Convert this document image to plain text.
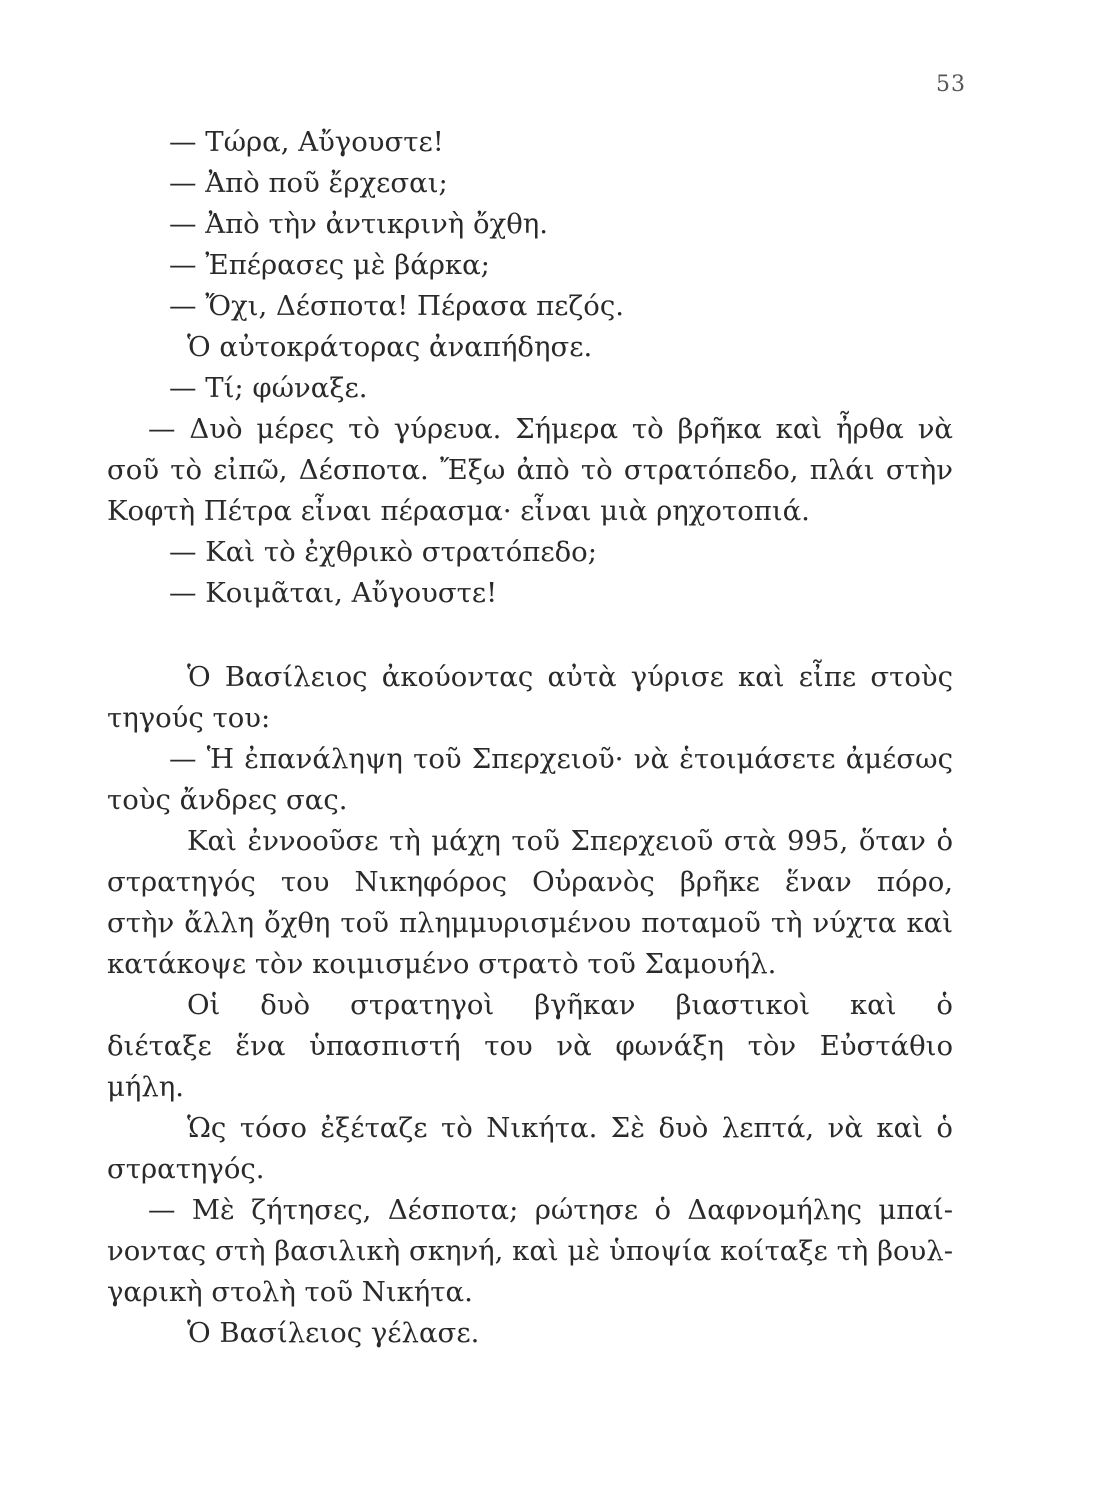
53
— Τώρα, Αὔγουστε!
— Ἀπὸ ποῦ ἔρχεσαι;
— Ἀπὸ τὴν ἀντικρινὴ ὄχθη.
— Ἐπέρασες μὲ βάρκα;
— Ὄχι, Δέσποτα! Πέρασα πεζός.
Ὁ αὐτοκράτορας ἀναπήδησε.
— Τί; φώναξε.
— Δυὸ μέρες τὸ γύρευα. Σήμερα τὸ βρῆκα καὶ ἦρθα νὰ
σοῦ τὸ εἰπῶ, Δέσποτα. Ἔξω ἀπὸ τὸ στρατόπεδο, πλάι στὴν
Κοφτὴ Πέτρα εἶναι πέρασμα· εἶναι μιὰ ρηχοτοπιά.
— Καὶ τὸ ἐχθρικὸ στρατόπεδο;
— Κοιμᾶται, Αὔγουστε!
Ὁ Βασίλειος ἀκούοντας αὐτὰ γύρισε καὶ εἶπε στοὺς
τηγούς του:
— Ἡ ἐπανάληψη τοῦ Σπερχειοῦ· νὰ ἑτοιμάσετε ἀμέσως
τοὺς ἄνδρες σας.
Καὶ ἐννοοῦσε τὴ μάχη τοῦ Σπερχειοῦ στὰ 995, ὅταν ὁ
στρατηγός του Νικηφόρος Οὐρανὸς βρῆκε ἕναν πόρο,
στὴν ἄλλη ὄχθη τοῦ πλημμυρισμένου ποταμοῦ τὴ νύχτα καὶ
κατάκοψε τὸν κοιμισμένο στρατὸ τοῦ Σαμουήλ.
Οἱ δυὸ στρατηγοὶ βγῆκαν βιαστικοὶ καὶ ὁ
διέταξε ἕνα ὑπασπιστή του νὰ φωνάξη τὸν Εὐστάθιο
μήλη.
Ὡς τόσο ἐξέταζε τὸ Νικήτα. Σὲ δυὸ λεπτά, νὰ καὶ ὁ
στρατηγός.
— Μὲ ζήτησες, Δέσποτα; ρώτησε ὁ Δαφνομήλης μπαί-
νοντας στὴ βασιλικὴ σκηνή, καὶ μὲ ὑποψία κοίταξε τὴ βουλ-
γαρικὴ στολὴ τοῦ Νικήτα.
Ὁ Βασίλειος γέλασε.
